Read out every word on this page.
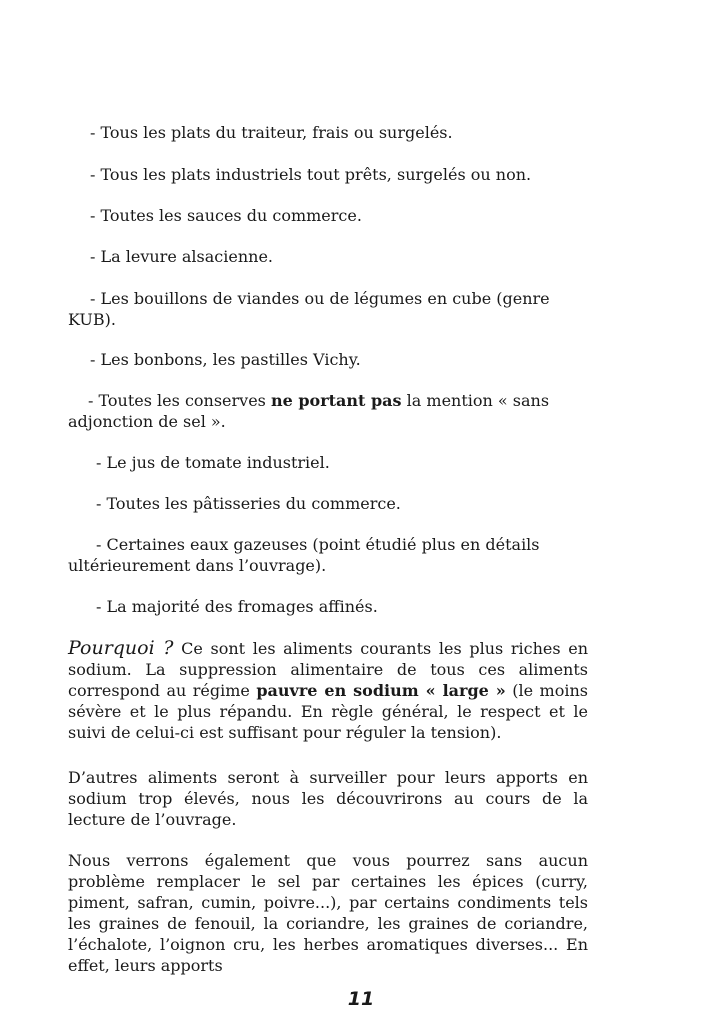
- Tous les plats du traiteur, frais ou surgelés.
- Tous les plats industriels tout prêts, surgelés ou non.
- Toutes les sauces du commerce.
- La levure alsacienne.
- Les bouillons de viandes ou de légumes en cube (genre
KUB).
- Les bonbons, les pastilles Vichy.
- Toutes les conserves ne portant pas la mention « sans
adjonction de sel ».
- Le jus de tomate industriel.
- Toutes les pâtisseries du commerce.
- Certaines eaux gazeuses (point étudié plus en détails
ultérieurement dans l’ouvrage).
- La majorité des fromages affinés.
Pourquoi ? Ce sont les aliments courants les plus riches en sodium. La suppression alimentaire de tous ces aliments correspond au régime pauvre en sodium « large » (le moins sévère et le plus répandu. En règle général, le respect et le suivi de celui-ci est suffisant pour réguler la tension).
D’autres aliments seront à surveiller pour leurs apports en sodium trop élevés, nous les découvrirons au cours de la lecture de l’ouvrage.
Nous verrons également que vous pourrez sans aucun problème remplacer le sel par certaines les épices (curry, piment, safran, cumin, poivre...), par certains condiments tels les graines de fenouil, la coriandre, les graines de coriandre, l’échalote, l’oignon cru, les herbes aromatiques diverses... En effet, leurs apports
11
